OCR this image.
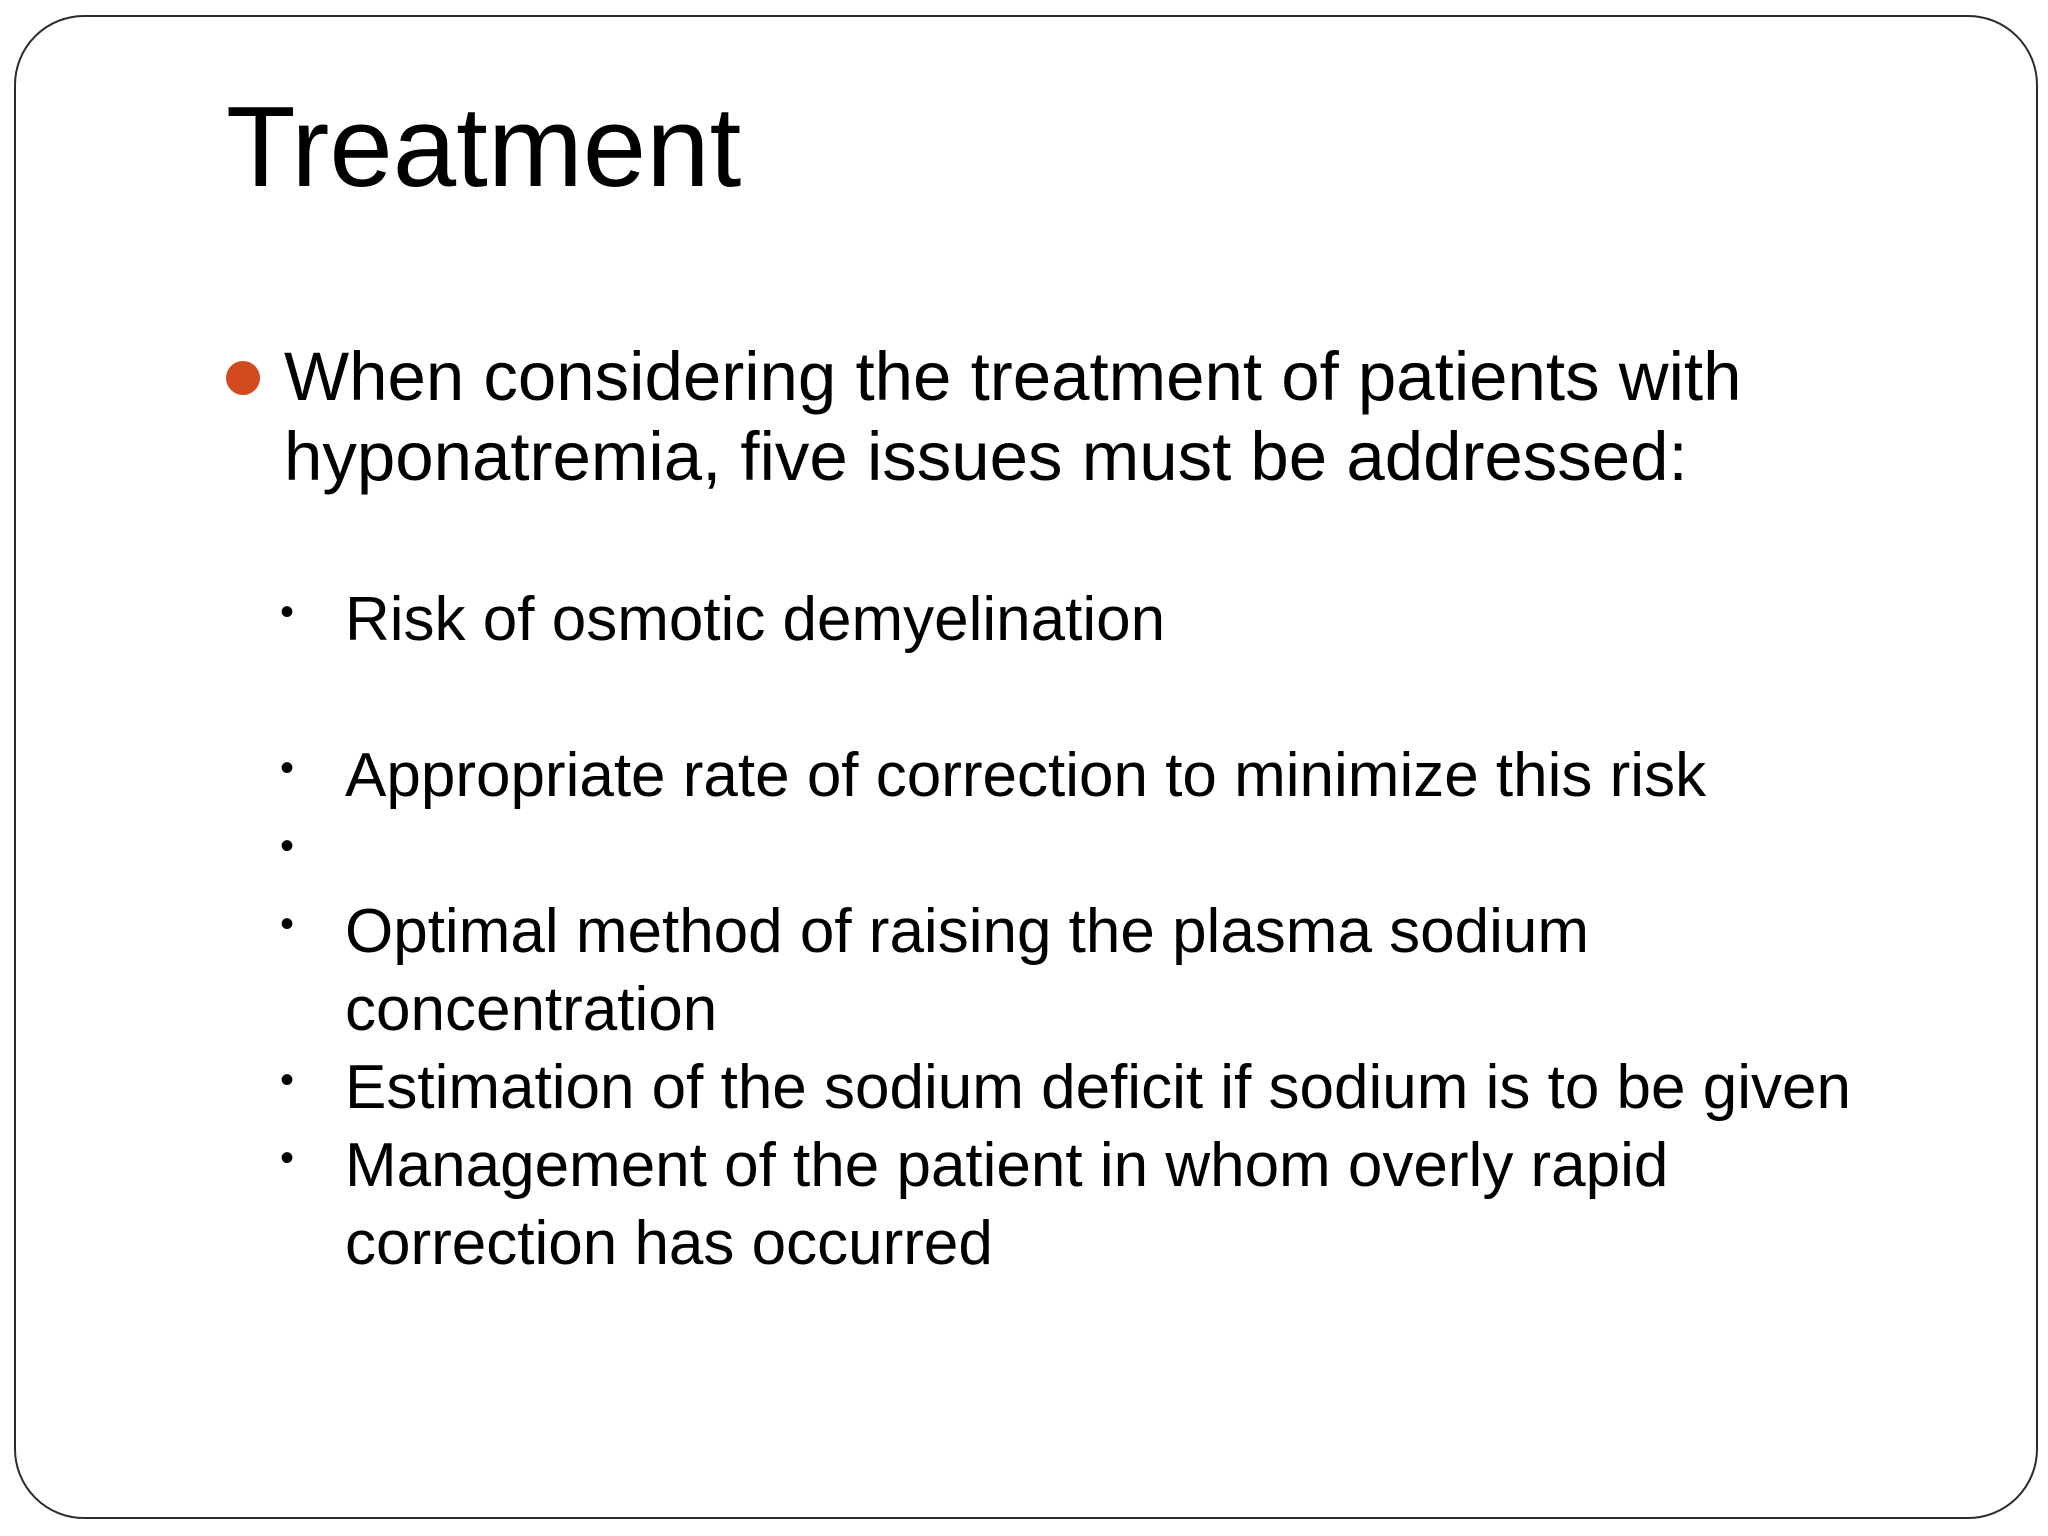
Treatment
When considering the treatment of patients with hyponatremia, five issues must be addressed:
• Risk of osmotic demyelination
• Appropriate rate of correction to minimize this risk
•
• Optimal method of raising the plasma sodium concentration
• Estimation of the sodium deficit if sodium is to be given
• Management of the patient in whom overly rapid correction has occurred
